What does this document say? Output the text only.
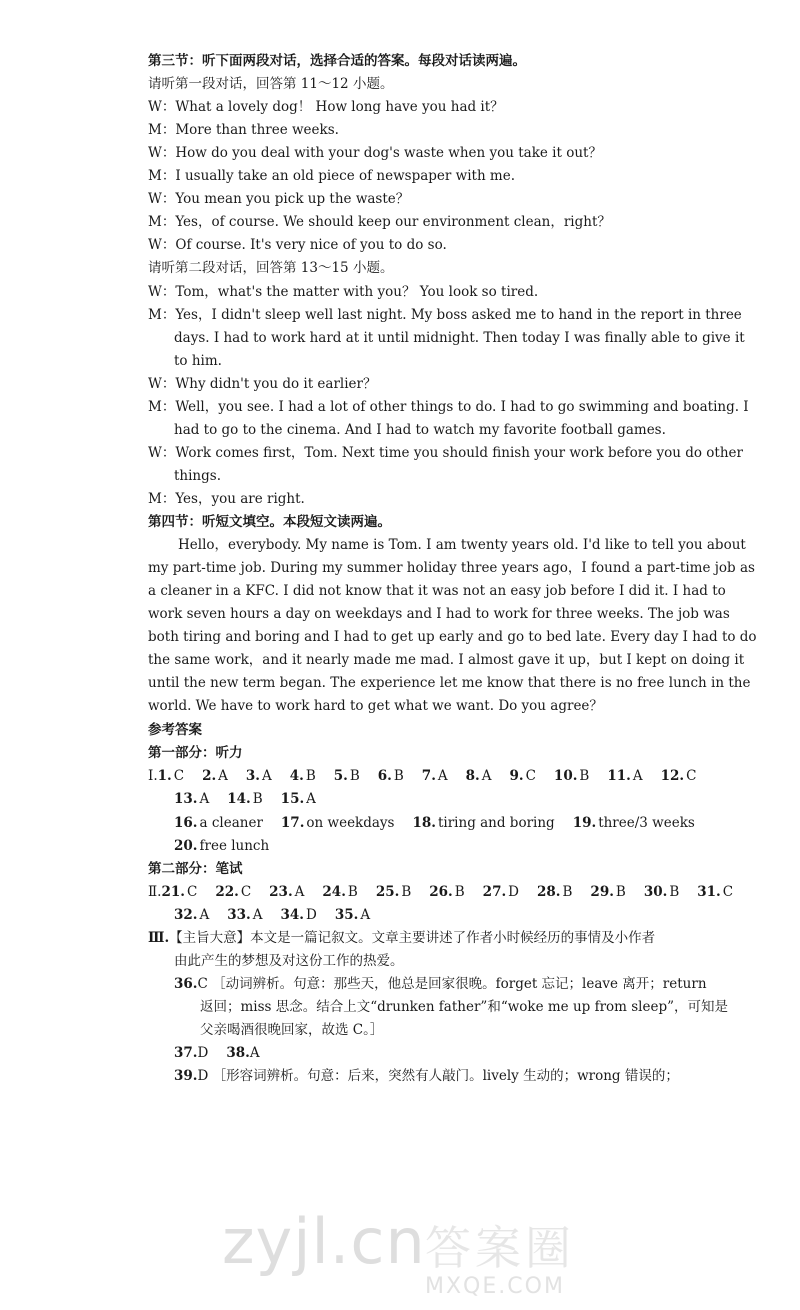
第三节：听下面两段对话，选择合适的答案。每段对话读两遍。
请听第一段对话，回答第 11～12 小题。
W：What a lovely dog！ How long have you had it？
M：More than three weeks.
W：How do you deal with your dog's waste when you take it out？
M：I usually take an old piece of newspaper with me.
W：You mean you pick up the waste？
M：Yes，of course. We should keep our environment clean，right？
W：Of course. It's very nice of you to do so.
请听第二段对话，回答第 13～15 小题。
W：Tom，what's the matter with you？ You look so tired.
M：Yes，I didn't sleep well last night. My boss asked me to hand in the report in three
days. I had to work hard at it until midnight. Then today I was finally able to give it
to him.
W：Why didn't you do it earlier？
M：Well，you see. I had a lot of other things to do. I had to go swimming and boating. I
had to go to the cinema. And I had to watch my favorite football games.
W：Work comes first，Tom. Next time you should finish your work before you do other
things.
M：Yes，you are right.
第四节：听短文填空。本段短文读两遍。
Hello，everybody. My name is Tom. I am twenty years old. I'd like to tell you about
my part-time job. During my summer holiday three years ago，I found a part-time job as
a cleaner in a KFC. I did not know that it was not an easy job before I did it. I had to
work seven hours a day on weekdays and I had to work for three weeks. The job was
both tiring and boring and I had to get up early and go to bed late. Every day I had to do
the same work，and it nearly made me mad. I almost gave it up，but I kept on doing it
until the new term began. The experience let me know that there is no free lunch in the
world. We have to work hard to get what we want. Do you agree？
参考答案
第一部分：听力
Ⅰ.1. C 2. A 3. A 4. B 5. B 6. B 7. A 8. A 9. C 10. B 11. A 12. C
13. A 14. B 15. A
16. a cleaner 17. on weekdays 18. tiring and boring 19. three/3 weeks
20. free lunch
第二部分：笔试
Ⅱ.21. C 22. C 23. A 24. B 25. B 26. B 27. D 28. B 29. B 30. B 31. C
32. A 33. A 34. D 35. A
Ⅲ.【主旨大意】本文是一篇记叙文。文章主要讲述了作者小时候经历的事情及小作者
由此产生的梦想及对这份工作的热爱。
36.C ［动词辨析。句意：那些天，他总是回家很晚。forget 忘记；leave 离开；return
返回；miss 思念。结合上文“drunken father”和“woke me up from sleep”，可知是
父亲喝酒很晚回家，故选 C。］
37.D 38.A
39.D ［形容词辨析。句意：后来，突然有人敲门。lively 生动的；wrong 错误的；
zyjl.cn 答案圈
MXQE.COM
